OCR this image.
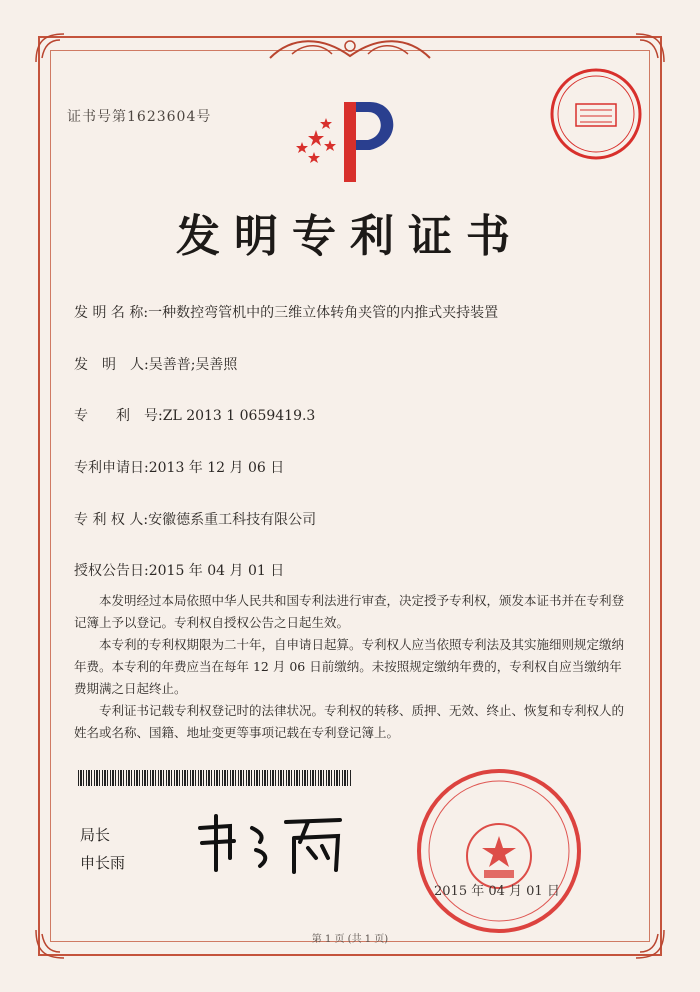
证书号第1623604号
发明专利证书
发 明 名 称:一种数控弯管机中的三维立体转角夹管的内推式夹持装置
发　明　人:吴善普;吴善照
专　　利　号:ZL 2013 1 0659419.3
专利申请日:2013 年 12 月 06 日
专 利 权 人:安徽德系重工科技有限公司
授权公告日:2015 年 04 月 01 日

本发明经过本局依照中华人民共和国专利法进行审查，决定授予专利权，颁发本证书并在专利登记簿上予以登记。专利权自授权公告之日起生效。

本专利的专利权期限为二十年，自申请日起算。专利权人应当依照专利法及其实施细则规定缴纳年费。本专利的年费应当在每年 12 月 06 日前缴纳。未按照规定缴纳年费的，专利权自应当缴纳年费期满之日起终止。

专利证书记载专利权登记时的法律状况。专利权的转移、质押、无效、终止、恢复和专利权人的姓名或名称、国籍、地址变更等事项记载在专利登记簿上。

局长
申长雨
2015 年 04 月 01 日
第 1 页 (共 1 页)
